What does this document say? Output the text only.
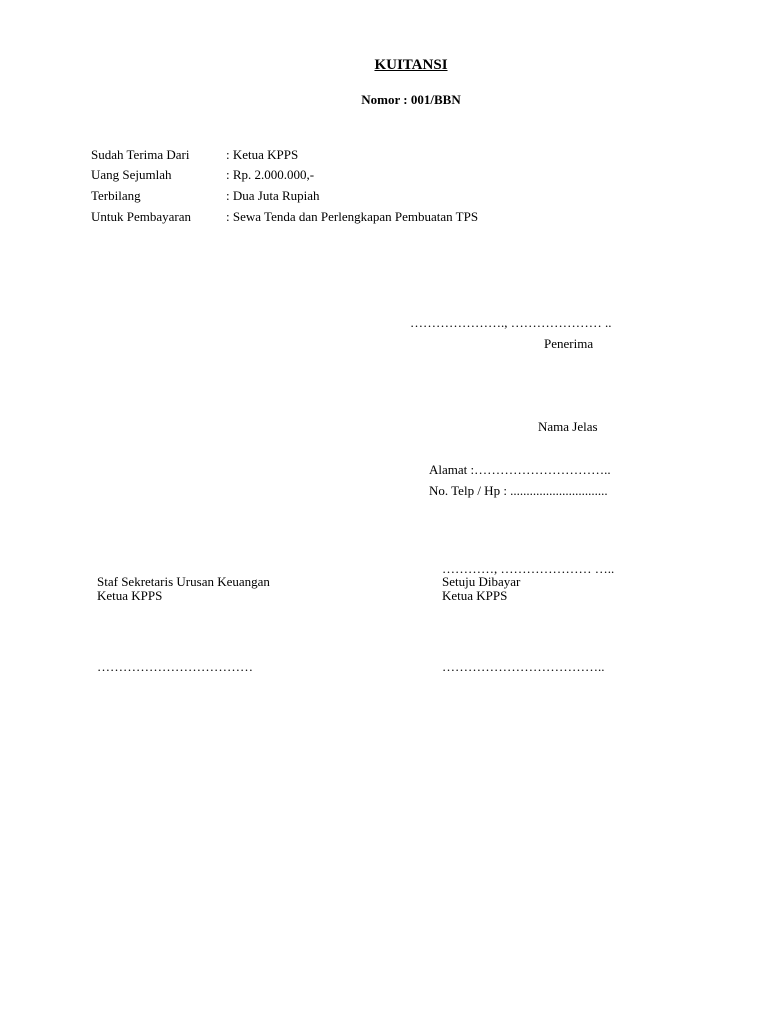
KUITANSI
Nomor : 001/BBN
Sudah Terima Dari	: Ketua KPPS
Uang Sejumlah	: Rp. 2.000.000,-
Terbilang	: Dua Juta Rupiah
Untuk Pembayaran	: Sewa Tenda dan Perlengkapan Pembuatan TPS
…………………., ………………… ..
Penerima
Nama Jelas
Alamat :…………………………..
No. Telp / Hp : ..............................
Staf Sekretaris Urusan Keuangan
Ketua KPPS
………………………………
…………, ………………… …..
Setuju Dibayar
Ketua KPPS
………………………………..
